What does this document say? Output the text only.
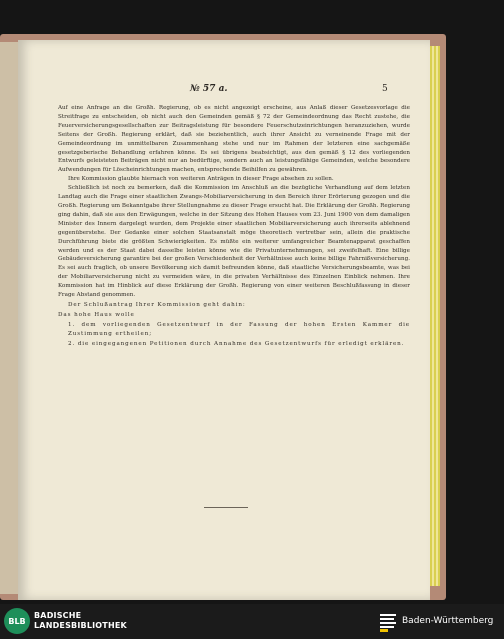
№ 57 a.	5

Auf eine Anfrage an die Großh. Regierung, ob es nicht angezeigt erscheine, aus Anlaß dieser Gesetzesvorlage die Streitfrage zu entscheiden, ob nicht auch den Gemeinden gemäß § 72 der Gemeindeordnung das Recht zustehe, die Feuerversicherungsgesellschaften zur Beitragsleistung für besondere Feuerschutzeinrichtungen heranzuziehen, wurde Seitens der Großh. Regierung erklärt, daß sie beziehentlich, auch ihrer Ansicht zu verneinende Frage mit der Gemeindeordnung im unmittelbaren Zusammenhang stehe und nur im Rahmen der letzteren eine sachgemäße gesetzgeberische Behandlung erfahren könne. Es sei übrigens beabsichtigt, aus den gemäß § 12 des vorliegenden Entwurfs geleisteten Beiträgen nicht nur an bedürftige, sondern auch an leistungsfähige Gemeinden, welche besondere Aufwendungen für Löscheinrichtungen machen, entsprechende Beihilfen zu gewähren.

Ihre Kommission glaubte hiernach von weiteren Anträgen in dieser Frage absehen zu sollen.

Schließlich ist noch zu bemerken, daß die Kommission im Anschluß an die bezügliche Verhandlung auf dem letzten Landtag auch die Frage einer staatlichen Zwangs-Mobiliarversicherung in den Bereich ihrer Erörterung gezogen und die Großh. Regierung um Bekanntgabe ihrer Stellungnahme zu dieser Frage ersucht hat. Die Erklärung der Großh. Regierung ging dahin, daß sie aus den Erwägungen, welche in der Sitzung des Hohen Hauses vom 23. Juni 1900 von dem damaligen Minister des Innern dargelegt wurden, dem Projekte einer staatlichen Mobiliarversicherung auch ihrerseits ablehnend gegenüberstehe. Der Gedanke einer solchen Staatsanstalt möge theoretisch vertretbar sein, allein die praktische Durchführung biete die größten Schwierigkeiten. Es müßte ein weiterer umfangreicher Beamtenapparat geschaffen werden und es der Staat dabei dasselbe leisten könne wie die Privatunternehmungen, sei zweifelhaft. Eine billige Gebäudeversicherung garantire bei der großen Verschiedenheit der Verhältnisse auch keine billige Fahrnißversicherung. Es sei auch fraglich, ob unsere Bevölkerung sich damit befreunden könne, daß staatliche Versicherungsbeamte, was bei der Mobiliarversicherung nicht zu vermeiden wäre, in die privaten Verhältnisse des Einzelnen Einblick nehmen. Ihre Kommission hat im Hinblick auf diese Erklärung der Großh. Regierung von einer weiteren Beschlußfassung in dieser Frage Abstand genommen.

Der Schlußantrag Ihrer Kommission geht dahin:

Das hohe Haus wolle

1. dem vorliegenden Gesetzentwurf in der Fassung der hohen Ersten Kammer die Zustimmung ertheilen;

2. die eingegangenen Petitionen durch Annahme des Gesetzentwurfs für erledigt erklären.

BLB
BADISCHE
LANDESBIBLIOTHEK	Baden-Württemberg
